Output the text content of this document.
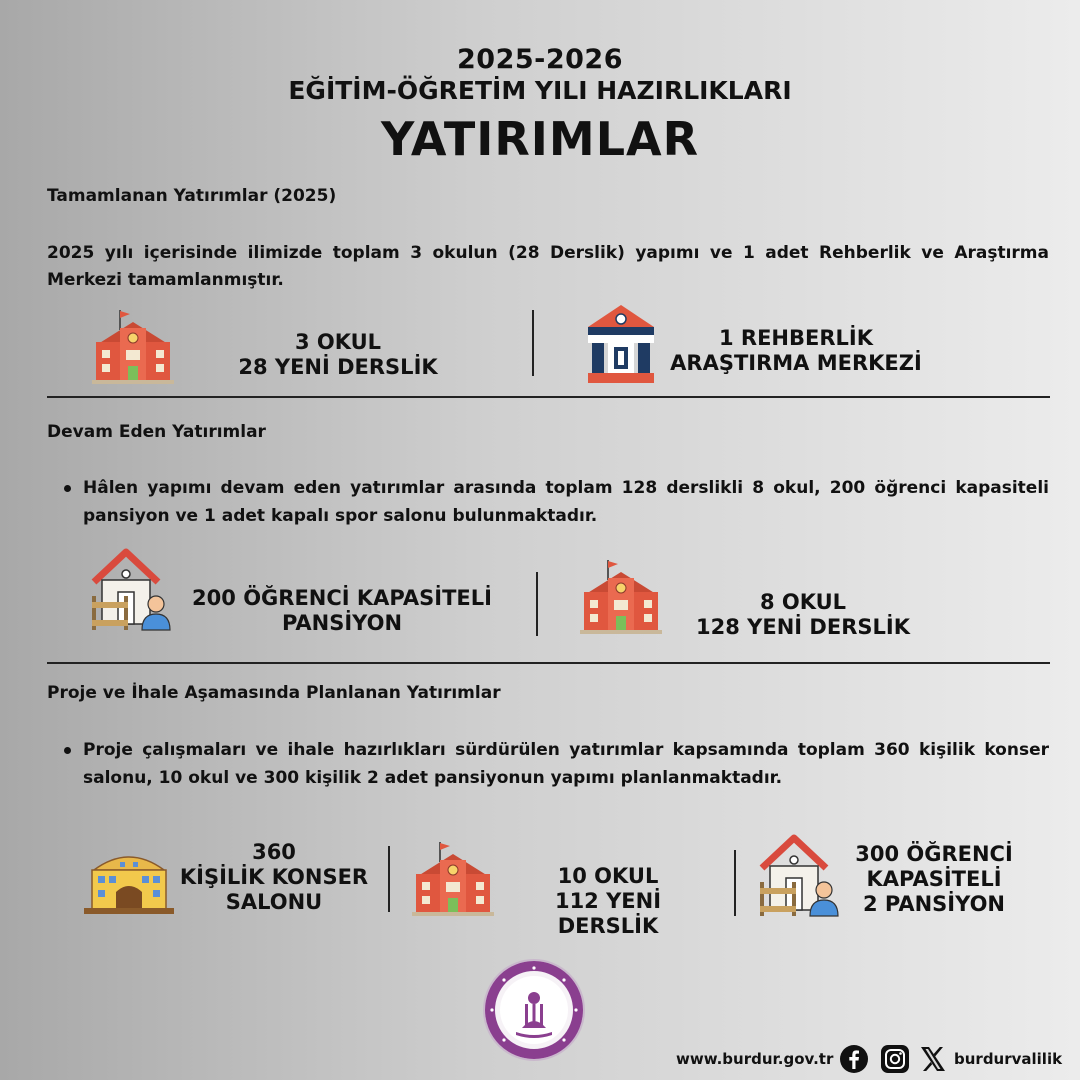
2025-2026
EĞİTİM-ÖĞRETİM YILI HAZIRLIKLARI
YATIRIMLAR
Tamamlanan Yatırımlar (2025)
2025 yılı içerisinde ilimizde toplam 3 okulun (28 Derslik) yapımı ve 1 adet Rehberlik ve Araştırma Merkezi tamamlanmıştır.
3 OKUL
28 YENİ DERSLİK
1 REHBERLİK
ARAŞTIRMA MERKEZİ
Devam Eden Yatırımlar
Hâlen yapımı devam eden yatırımlar arasında toplam 128 derslikli 8 okul, 200 öğrenci kapasiteli pansiyon ve 1 adet kapalı spor salonu bulunmaktadır.
200 ÖĞRENCİ KAPASİTELİ
PANSİYON
8 OKUL
128 YENİ DERSLİK
Proje ve İhale Aşamasında Planlanan Yatırımlar
Proje çalışmaları ve ihale hazırlıkları sürdürülen yatırımlar kapsamında toplam 360 kişilik konser salonu, 10 okul ve 300 kişilik 2 adet pansiyonun yapımı planlanmaktadır.
360
KİŞİLİK KONSER
SALONU
10 OKUL
112 YENİ DERSLİK
300 ÖĞRENCİ
KAPASİTELİ
2 PANSİYON
www.burdur.gov.tr	burdurvalilik
